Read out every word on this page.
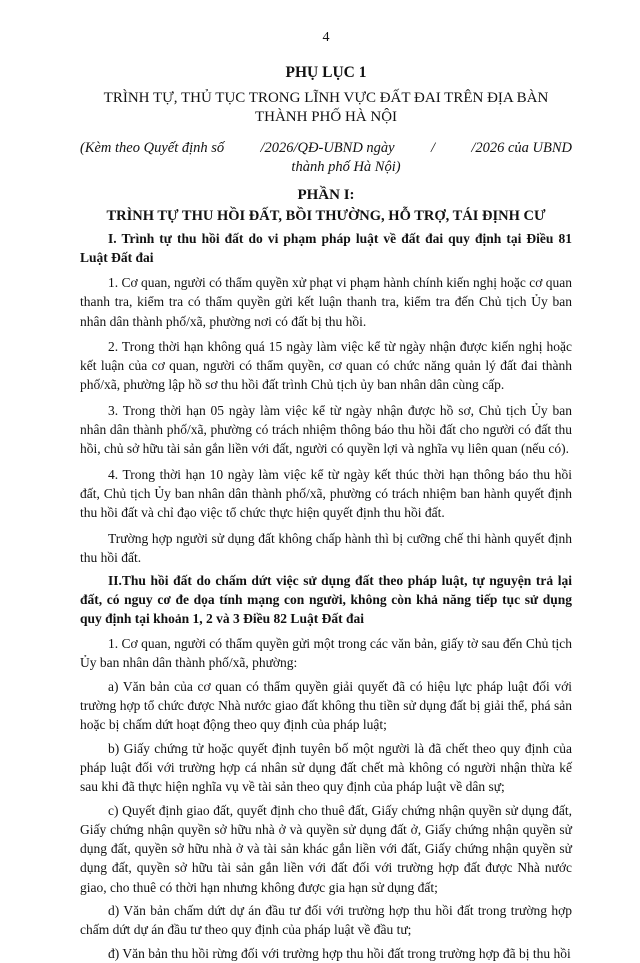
4
PHỤ LỤC 1
TRÌNH TỰ, THỦ TỤC TRONG LĨNH VỰC ĐẤT ĐAI TRÊN ĐỊA BÀN
THÀNH PHỐ HÀ NỘI
(Kèm theo Quyết định số	/2026/QĐ-UBND ngày	/	/2026 của UBND
thành phố Hà Nội)
PHẦN I:
TRÌNH TỰ THU HỒI ĐẤT, BỒI THƯỜNG, HỖ TRỢ, TÁI ĐỊNH CƯ
I. Trình tự thu hồi đất do vi phạm pháp luật về đất đai quy định tại Điều 81 Luật Đất đai
1. Cơ quan, người có thẩm quyền xử phạt vi phạm hành chính kiến nghị hoặc cơ quan thanh tra, kiểm tra có thẩm quyền gửi kết luận thanh tra, kiểm tra đến Chủ tịch Ủy ban nhân dân thành phố/xã, phường nơi có đất bị thu hồi.
2. Trong thời hạn không quá 15 ngày làm việc kể từ ngày nhận được kiến nghị hoặc kết luận của cơ quan, người có thẩm quyền, cơ quan có chức năng quản lý đất đai thành phố/xã, phường lập hồ sơ thu hồi đất trình Chủ tịch ủy ban nhân dân cùng cấp.
3. Trong thời hạn 05 ngày làm việc kể từ ngày nhận được hồ sơ, Chủ tịch Ủy ban nhân dân thành phố/xã, phường có trách nhiệm thông báo thu hồi đất cho người có đất thu hồi, chủ sở hữu tài sản gắn liền với đất, người có quyền lợi và nghĩa vụ liên quan (nếu có).
4. Trong thời hạn 10 ngày làm việc kể từ ngày kết thúc thời hạn thông báo thu hồi đất, Chủ tịch Ủy ban nhân dân thành phố/xã, phường có trách nhiệm ban hành quyết định thu hồi đất và chỉ đạo việc tổ chức thực hiện quyết định thu hồi đất.
Trường hợp người sử dụng đất không chấp hành thì bị cưỡng chế thi hành quyết định thu hồi đất.
II.Thu hồi đất do chấm dứt việc sử dụng đất theo pháp luật, tự nguyện trả lại đất, có nguy cơ đe dọa tính mạng con người, không còn khả năng tiếp tục sử dụng quy định tại khoản 1, 2 và 3 Điều 82 Luật Đất đai
1. Cơ quan, người có thẩm quyền gửi một trong các văn bản, giấy tờ sau đến Chủ tịch Ủy ban nhân dân thành phố/xã, phường:
a) Văn bản của cơ quan có thẩm quyền giải quyết đã có hiệu lực pháp luật đối với trường hợp tổ chức được Nhà nước giao đất không thu tiền sử dụng đất bị giải thể, phá sản hoặc bị chấm dứt hoạt động theo quy định của pháp luật;
b) Giấy chứng tử hoặc quyết định tuyên bố một người là đã chết theo quy định của pháp luật đối với trường hợp cá nhân sử dụng đất chết mà không có người nhận thừa kế sau khi đã thực hiện nghĩa vụ về tài sản theo quy định của pháp luật về dân sự;
c) Quyết định giao đất, quyết định cho thuê đất, Giấy chứng nhận quyền sử dụng đất, Giấy chứng nhận quyền sở hữu nhà ở và quyền sử dụng đất ở, Giấy chứng nhận quyền sử dụng đất, quyền sở hữu nhà ở và tài sản khác gắn liền với đất, Giấy chứng nhận quyền sử dụng đất, quyền sở hữu tài sản gắn liền với đất đối với trường hợp đất được Nhà nước giao, cho thuê có thời hạn nhưng không được gia hạn sử dụng đất;
d) Văn bản chấm dứt dự án đầu tư đối với trường hợp thu hồi đất trong trường hợp chấm dứt dự án đầu tư theo quy định của pháp luật về đầu tư;
đ) Văn bản thu hồi rừng đối với trường hợp thu hồi đất trong trường hợp đã bị thu hồi
